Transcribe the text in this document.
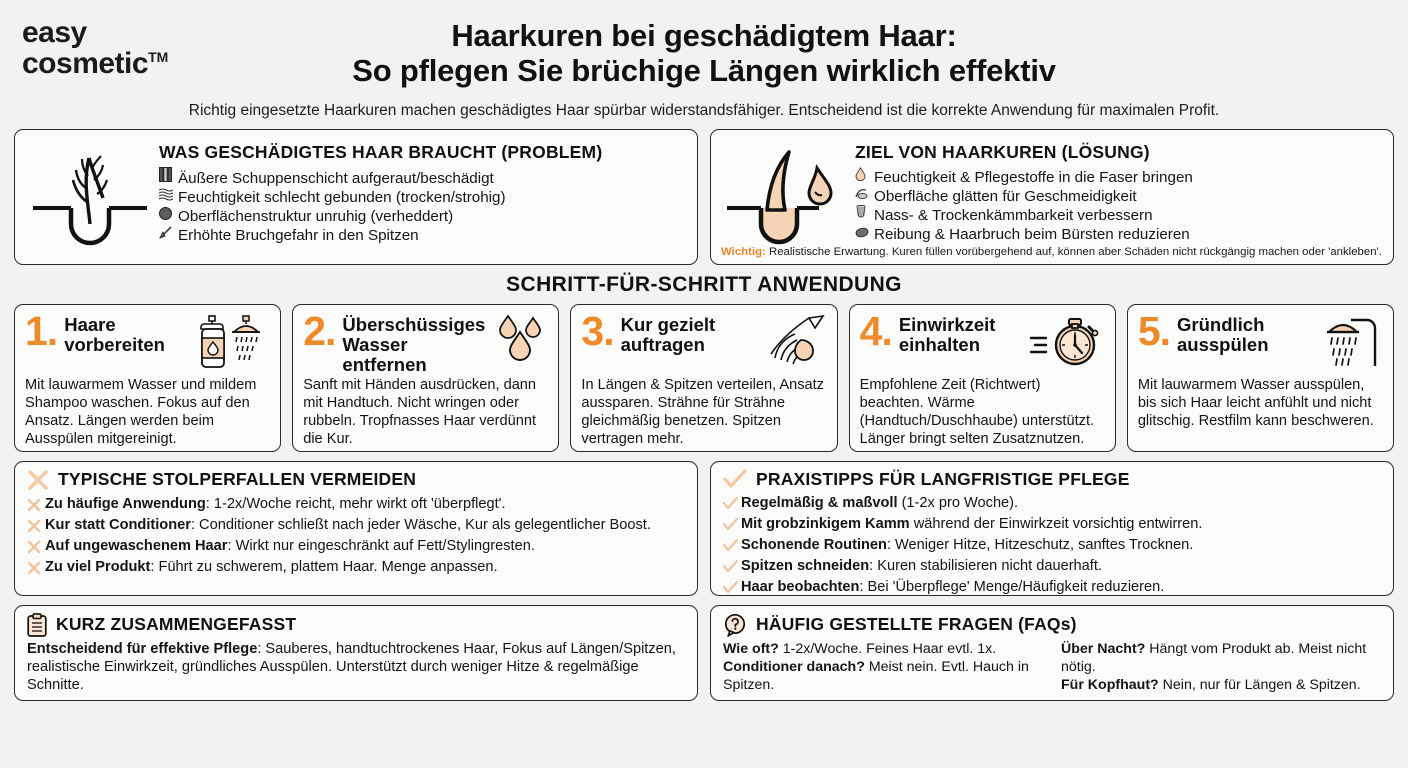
easy
cosmetic™
Haarkuren bei geschädigtem Haar:
So pflegen Sie brüchige Längen wirklich effektiv
Richtig eingesetzte Haarkuren machen geschädigtes Haar spürbar widerstandsfähiger. Entscheidend ist die korrekte Anwendung für maximalen Profit.
WAS GESCHÄDIGTES HAAR BRAUCHT (PROBLEM)
Äußere Schuppenschicht aufgeraut/beschädigt
Feuchtigkeit schlecht gebunden (trocken/strohig)
Oberflächenstruktur unruhig (verheddert)
Erhöhte Bruchgefahr in den Spitzen
ZIEL VON HAARKUREN (LÖSUNG)
Feuchtigkeit & Pflegestoffe in die Faser bringen
Oberfläche glätten für Geschmeidigkeit
Nass- & Trockenkämmbarkeit verbessern
Reibung & Haarbruch beim Bürsten reduzieren
Wichtig: Realistische Erwartung. Kuren füllen vorübergehend auf, können aber Schäden nicht rückgängig machen oder 'ankleben'.
SCHRITT-FÜR-SCHRITT ANWENDUNG
1. Haare vorbereiten
Mit lauwarmem Wasser und mildem Shampoo waschen. Fokus auf den Ansatz. Längen werden beim Ausspülen mitgereinigt.
2. Überschüssiges Wasser entfernen
Sanft mit Händen ausdrücken, dann mit Handtuch. Nicht wringen oder rubbeln. Tropfnasses Haar verdünnt die Kur.
3. Kur gezielt auftragen
In Längen & Spitzen verteilen, Ansatz aussparen. Strähne für Strähne gleichmäßig benetzen. Spitzen vertragen mehr.
4. Einwirkzeit einhalten
Empfohlene Zeit (Richtwert) beachten. Wärme (Handtuch/Duschhaube) unterstützt. Länger bringt selten Zusatznutzen.
5. Gründlich ausspülen
Mit lauwarmem Wasser ausspülen, bis sich Haar leicht anfühlt und nicht glitschig. Restfilm kann beschweren.
TYPISCHE STOLPERFALLEN VERMEIDEN
Zu häufige Anwendung: 1-2x/Woche reicht, mehr wirkt oft 'überpflegt'.
Kur statt Conditioner: Conditioner schließt nach jeder Wäsche, Kur als gelegentlicher Boost.
Auf ungewaschenem Haar: Wirkt nur eingeschränkt auf Fett/Stylingresten.
Zu viel Produkt: Führt zu schwerem, plattem Haar. Menge anpassen.
PRAXISTIPPS FÜR LANGFRISTIGE PFLEGE
Regelmäßig & maßvoll (1-2x pro Woche).
Mit grobzinkigem Kamm während der Einwirkzeit vorsichtig entwirren.
Schonende Routinen: Weniger Hitze, Hitzeschutz, sanftes Trocknen.
Spitzen schneiden: Kuren stabilisieren nicht dauerhaft.
Haar beobachten: Bei 'Überpflege' Menge/Häufigkeit reduzieren.
KURZ ZUSAMMENGEFASST
Entscheidend für effektive Pflege: Sauberes, handtuchtrockenes Haar, Fokus auf Längen/Spitzen, realistische Einwirkzeit, gründliches Ausspülen. Unterstützt durch weniger Hitze & regelmäßige Schnitte.
HÄUFIG GESTELLTE FRAGEN (FAQs)
Wie oft? 1-2x/Woche. Feines Haar evtl. 1x.
Conditioner danach? Meist nein. Evtl. Hauch in Spitzen.
Über Nacht? Hängt vom Produkt ab. Meist nicht nötig.
Für Kopfhaut? Nein, nur für Längen & Spitzen.
